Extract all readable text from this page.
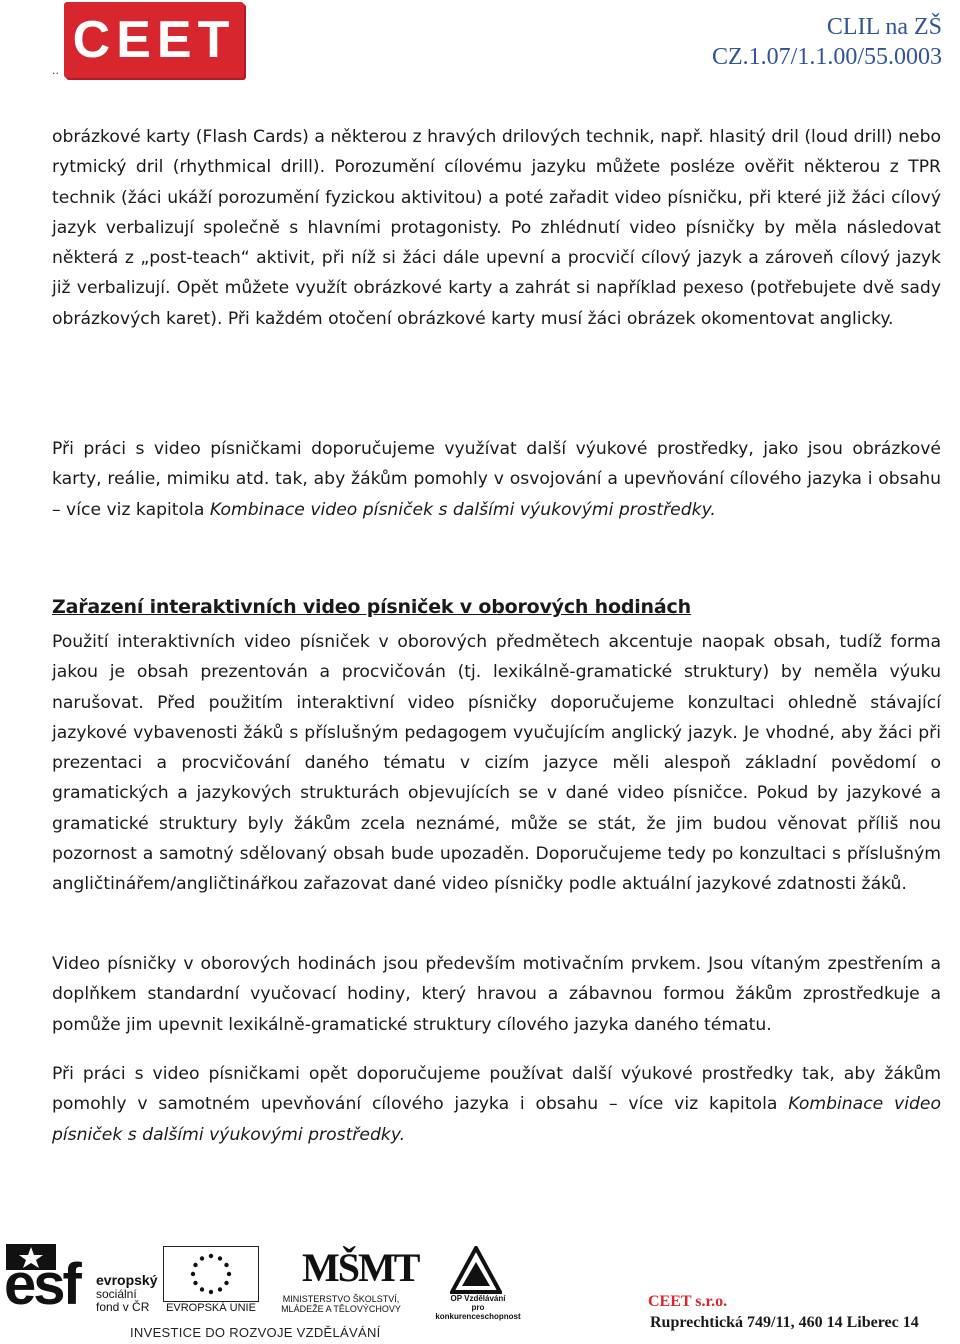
CEET
..
CLIL na ZŠ
CZ.1.07/1.1.00/55.0003

obrázkové karty (Flash Cards) a některou z hravých drilových technik, např. hlasitý dril (loud drill) nebo rytmický dril (rhythmical drill). Porozumění cílovému jazyku můžete posléze ověřit některou z TPR technik (žáci ukáží porozumění fyzickou aktivitou) a poté zařadit video písničku, při které již žáci cílový jazyk verbalizují společně s hlavními protagonisty. Po zhlédnutí video písničky by měla následovat některá z „post-teach“ aktivit, při níž si žáci dále upevní a procvičí cílový jazyk a zároveň cílový jazyk již verbalizují. Opět můžete využít obrázkové karty a zahrát si například pexeso (potřebujete dvě sady obrázkových karet). Při každém otočení obrázkové karty musí žáci obrázek okomentovat anglicky.

Při práci s video písničkami doporučujeme využívat další výukové prostředky, jako jsou obrázkové karty, reálie, mimiku atd. tak, aby žákům pomohly v osvojování a upevňování cílového jazyka i obsahu – více viz kapitola Kombinace video písniček s dalšími výukovými prostředky.

Zařazení interaktivních video písniček v oborových hodinách

Použití interaktivních video písniček v oborových předmětech akcentuje naopak obsah, tudíž forma jakou je obsah prezentován a procvičován (tj. lexikálně-gramatické struktury) by neměla výuku narušovat. Před použitím interaktivní video písničky doporučujeme konzultaci ohledně stávající jazykové vybavenosti žáků s příslušným pedagogem vyučujícím anglický jazyk. Je vhodné, aby žáci při prezentaci a procvičování daného tématu v cizím jazyce měli alespoň základní povědomí o gramatických a jazykových strukturách objevujících se v dané video písničce. Pokud by jazykové a gramatické struktury byly žákům zcela neznámé, může se stát, že jim budou věnovat příliš nou pozornost a samotný sdělovaný obsah bude upozaděn. Doporučujeme tedy po konzultaci s příslušným angličtinářem/angličtinářkou zařazovat dané video písničky podle aktuální jazykové zdatnosti žáků.

Video písničky v oborových hodinách jsou především motivačním prvkem. Jsou vítaným zpestřením a doplňkem standardní vyučovací hodiny, který hravou a zábavnou formou žákům zprostředkuje a pomůže jim upevnit lexikálně-gramatické struktury cílového jazyka daného tématu.

Při práci s video písničkami opět doporučujeme používat další výukové prostředky tak, aby žákům pomohly v samotném upevňování cílového jazyka i obsahu – více viz kapitola Kombinace video písniček s dalšími výukovými prostředky.

esf evropský
sociální
fond v ČR	EVROPSKÁ UNIE
MŠMT
MINISTERSTVO ŠKOLSTVÍ,
MLÁDEŽE A TĚLOVÝCHOVY
OP Vzdělávání
pro konkurenceschopnost
INVESTICE DO ROZVOJE VZDĚLÁVÁNÍ
CEET s.r.o.
Ruprechtická 749/11, 460 14 Liberec 14
